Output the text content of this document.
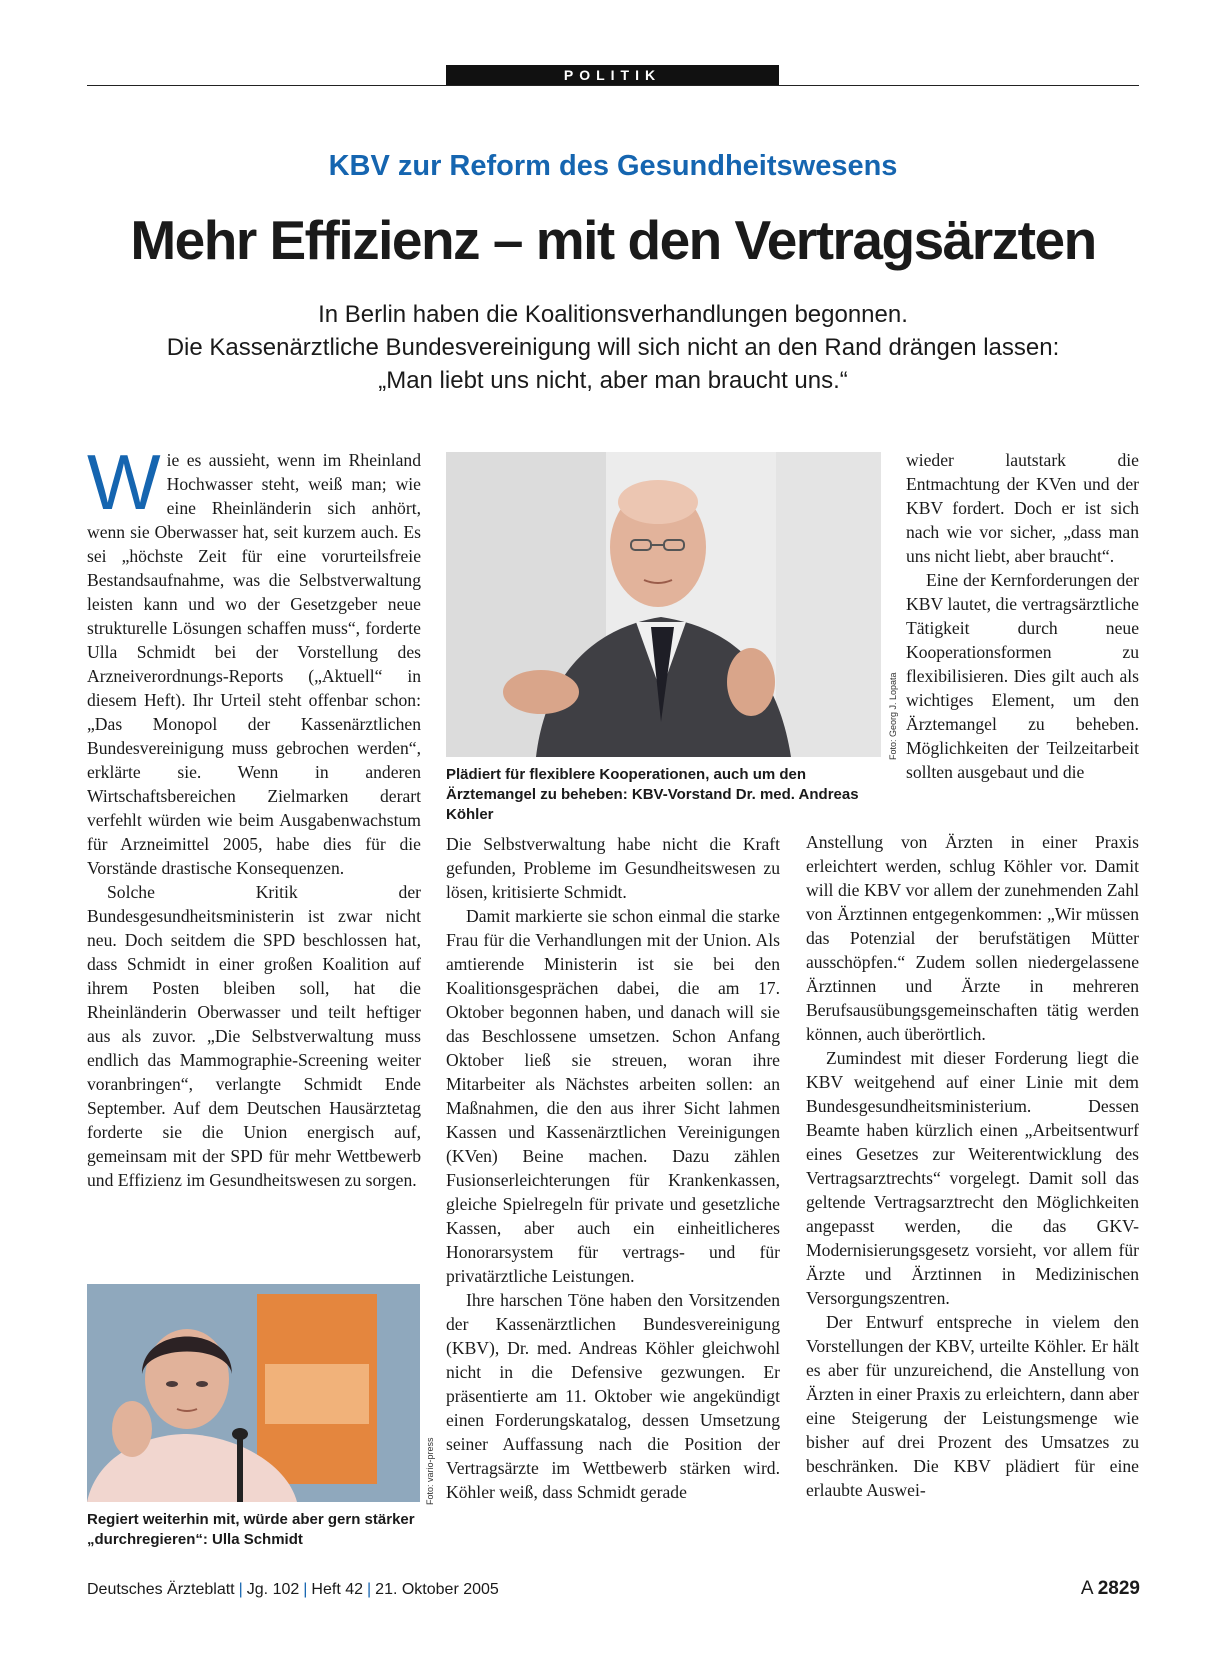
POLITIK
KBV zur Reform des Gesundheitswesens
Mehr Effizienz – mit den Vertragsärzten

In Berlin haben die Koalitionsverhandlungen begonnen.

Die Kassenärztliche Bundesvereinigung will sich nicht an den Rand drängen lassen:

„Man liebt uns nicht, aber man braucht uns.“

Wie es aussieht, wenn im Rheinland Hochwasser steht, weiß man; wie eine Rheinländerin sich anhört, wenn sie Oberwasser hat, seit kurzem auch. Es sei „höchste Zeit für eine vorurteilsfreie Bestandsaufnahme, was die Selbstverwaltung leisten kann und wo der Gesetzgeber neue strukturelle Lösungen schaffen muss“, forderte Ulla Schmidt bei der Vorstellung des Arzneiverordnungs-Reports („Aktuell“ in diesem Heft). Ihr Urteil steht offenbar schon: „Das Monopol der Kassenärztlichen Bundesvereinigung muss gebrochen werden“, erklärte sie. Wenn in anderen Wirtschaftsbereichen Zielmarken derart verfehlt würden wie beim Ausgabenwachstum für Arzneimittel 2005, habe dies für die Vorstände drastische Konsequenzen.

Solche Kritik der Bundesgesundheitsministerin ist zwar nicht neu. Doch seitdem die SPD beschlossen hat, dass Schmidt in einer großen Koalition auf ihrem Posten bleiben soll, hat die Rheinländerin Oberwasser und teilt heftiger aus als zuvor. „Die Selbstverwaltung muss endlich das Mammographie-Screening weiter voranbringen“, verlangte Schmidt Ende September. Auf dem Deutschen Hausärztetag forderte sie die Union energisch auf, gemeinsam mit der SPD für mehr Wettbewerb und Effizienz im Gesundheitswesen zu sorgen.

Foto: Georg J. Lopata
Plädiert für flexiblere Kooperationen, auch um den Ärztemangel zu beheben: KBV-Vorstand Dr. med. Andreas Köhler

Die Selbstverwaltung habe nicht die Kraft gefunden, Probleme im Gesundheitswesen zu lösen, kritisierte Schmidt.

Damit markierte sie schon einmal die starke Frau für die Verhandlungen mit der Union. Als amtierende Ministerin ist sie bei den Koalitionsgesprächen dabei, die am 17. Oktober begonnen haben, und danach will sie das Beschlossene umsetzen. Schon Anfang Oktober ließ sie streuen, woran ihre Mitarbeiter als Nächstes arbeiten sollen: an Maßnahmen, die den aus ihrer Sicht lahmen Kassen und Kassenärztlichen Vereinigungen (KVen) Beine machen. Dazu zählen Fusionserleichterungen für Krankenkassen, gleiche Spielregeln für private und gesetzliche Kassen, aber auch ein einheitlicheres Honorarsystem für vertrags- und für privatärztliche Leistungen.

Ihre harschen Töne haben den Vorsitzenden der Kassenärztlichen Bundesvereinigung (KBV), Dr. med. Andreas Köhler gleichwohl nicht in die Defensive gezwungen. Er präsentierte am 11. Oktober wie angekündigt einen Forderungskatalog, dessen Umsetzung seiner Auffassung nach die Position der Vertragsärzte im Wettbewerb stärken wird. Köhler weiß, dass Schmidt gerade

wieder lautstark die Entmachtung der KVen und der KBV fordert. Doch er ist sich nach wie vor sicher, „dass man uns nicht liebt, aber braucht“.

Eine der Kernforderungen der KBV lautet, die vertragsärztliche Tätigkeit durch neue Kooperationsformen zu flexibilisieren. Dies gilt auch als wichtiges Element, um den Ärztemangel zu beheben. Möglichkeiten der Teilzeitarbeit sollten ausgebaut und die

Anstellung von Ärzten in einer Praxis erleichtert werden, schlug Köhler vor. Damit will die KBV vor allem der zunehmenden Zahl von Ärztinnen entgegenkommen: „Wir müssen das Potenzial der berufstätigen Mütter ausschöpfen.“ Zudem sollen niedergelassene Ärztinnen und Ärzte in mehreren Berufsausübungsgemeinschaften tätig werden können, auch überörtlich.

Zumindest mit dieser Forderung liegt die KBV weitgehend auf einer Linie mit dem Bundesgesundheitsministerium. Dessen Beamte haben kürzlich einen „Arbeitsentwurf eines Gesetzes zur Weiterentwicklung des Vertragsarztrechts“ vorgelegt. Damit soll das geltende Vertragsarztrecht den Möglichkeiten angepasst werden, die das GKV-Modernisierungsgesetz vorsieht, vor allem für Ärzte und Ärztinnen in Medizinischen Versorgungszentren.

Der Entwurf entspreche in vielem den Vorstellungen der KBV, urteilte Köhler. Er hält es aber für unzureichend, die Anstellung von Ärzten in einer Praxis zu erleichtern, dann aber eine Steigerung der Leistungsmenge wie bisher auf drei Prozent des Umsatzes zu beschränken. Die KBV plädiert für eine erlaubte Auswei-

Foto: vario-press
Regiert weiterhin mit, würde aber gern stärker „durchregieren“: Ulla Schmidt
Deutsches Ärzteblatt | Jg. 102 | Heft 42 | 21. Oktober 2005	A 2829
